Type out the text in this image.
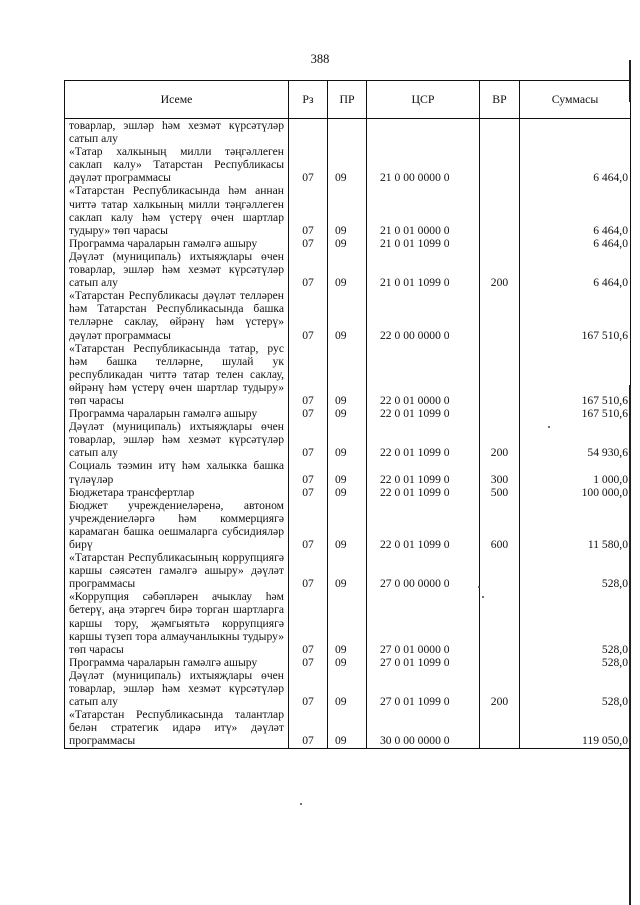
388
Исеме	Рз	ПР	ЦСР	ВР	Суммасы
товарлар, эшләр һәм хезмәт күрсәтүләр сатып алу					
«Татар халкының милли тәңгәллеген саклап калу» Татарстан Республикасы дәүләт программасы	07	09	21 0 00 0000 0		6 464,0
«Татарстан Республикасында һәм аннан читтә татар халкының милли тәңгәллеген саклап калу һәм үстерү өчен шартлар тудыру» төп чарасы	07	09	21 0 01 0000 0		6 464,0
Программа чараларын гамәлгә ашыру	07	09	21 0 01 1099 0		6 464,0
Дәүләт (муниципаль) ихтыяҗлары өчен товарлар, эшләр һәм хезмәт күрсәтүләр сатып алу	07	09	21 0 01 1099 0	200	6 464,0
«Татарстан Республикасы дәүләт телләрен һәм Татарстан Республикасында башка телләрне саклау, өйрәнү һәм үстерү» дәүләт программасы	07	09	22 0 00 0000 0		167 510,6
«Татарстан Республикасында татар, рус һәм башка телләрне, шулай ук республикадан читтә татар телен саклау, өйрәнү һәм үстерү өчен шартлар тудыру» төп чарасы	07	09	22 0 01 0000 0		167 510,6
Программа чараларын гамәлгә ашыру	07	09	22 0 01 1099 0		167 510,6
Дәүләт (муниципаль) ихтыяҗлары өчен товарлар, эшләр һәм хезмәт күрсәтүләр сатып алу	07	09	22 0 01 1099 0	200	54 930,6
Социаль тәэмин итү һәм халыкка башка түләүләр	07	09	22 0 01 1099 0	300	1 000,0
Бюджетара трансфертлар	07	09	22 0 01 1099 0	500	100 000,0
Бюджет учреждениеләренә, автоном учреждениеләргә һәм коммерциягә карамаган башка оешмаларга субсидияләр бирү	07	09	22 0 01 1099 0	600	11 580,0
«Татарстан Республикасының коррупциягә каршы сәясәтен гамәлгә ашыру» дәүләт программасы	07	09	27 0 00 0000 0		528,0
«Коррупция сәбәпләрен ачыклау һәм бетерү, аңа этәргеч бирә торган шартларга каршы тору, җәмгыятьтә коррупциягә каршы түзеп тора алмаучанлыкны тудыру» төп чарасы	07	09	27 0 01 0000 0		528,0
Программа чараларын гамәлгә ашыру	07	09	27 0 01 1099 0		528,0
Дәүләт (муниципаль) ихтыяҗлары өчен товарлар, эшләр һәм хезмәт күрсәтүләр сатып алу	07	09	27 0 01 1099 0	200	528,0
«Татарстан Республикасында талантлар белән стратегик идарә итү» дәүләт программасы	07	09	30 0 00 0000 0		119 050,0
